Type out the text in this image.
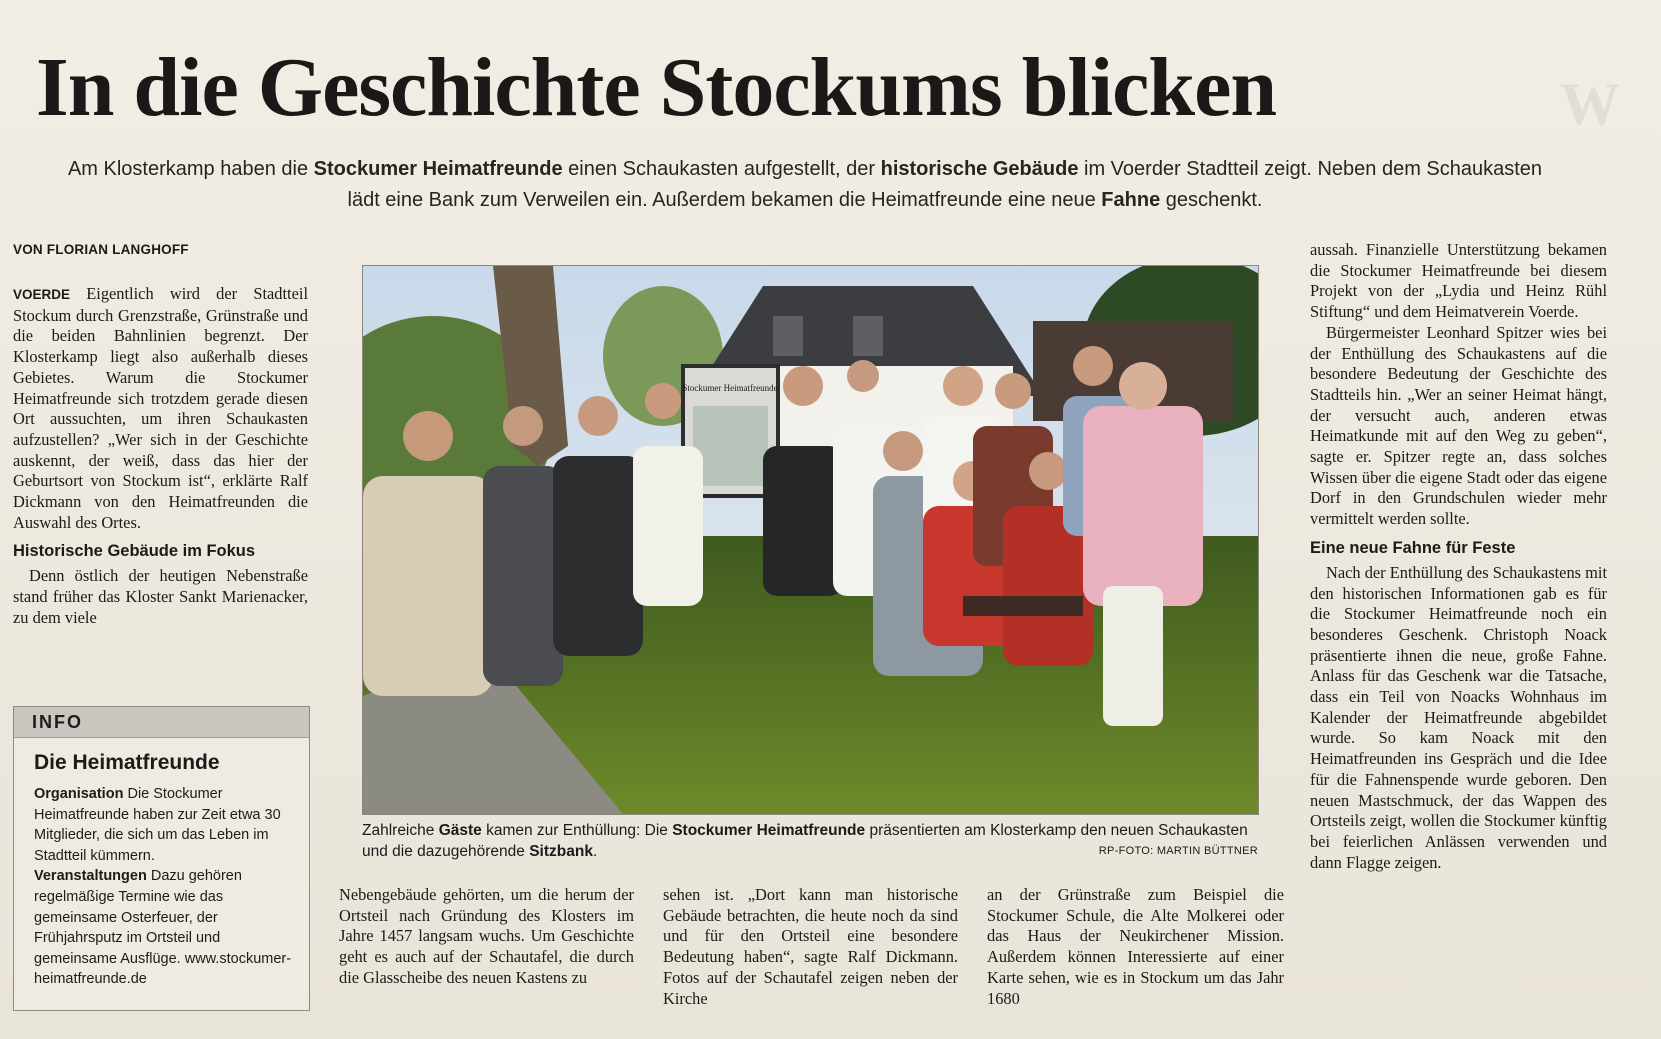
W
In die Geschichte Stockums blicken

Am Klosterkamp haben die Stockumer Heimatfreunde einen Schaukasten aufgestellt, der historische Gebäude im Voerder Stadtteil zeigt. Neben dem Schaukasten lädt eine Bank zum Verweilen ein. Außerdem bekamen die Heimatfreunde eine neue Fahne geschenkt.

VON FLORIAN LANGHOFF

VOERDE Eigentlich wird der Stadtteil Stockum durch Grenzstraße, Grünstraße und die beiden Bahnlinien begrenzt. Der Klosterkamp liegt also außerhalb dieses Gebietes. Warum die Stockumer Heimatfreunde sich trotzdem gerade diesen Ort aussuchten, um ihren Schaukasten aufzustellen? „Wer sich in der Geschichte auskennt, der weiß, dass das hier der Geburtsort von Stockum ist“, erklärte Ralf Dickmann von den Heimatfreunden die Auswahl des Ortes.

Historische Gebäude im Fokus

Denn östlich der heutigen Nebenstraße stand früher das Kloster Sankt Marienacker, zu dem viele

INFO
Die Heimatfreunde
Organisation Die Stockumer Heimatfreunde haben zur Zeit etwa 30 Mitglieder, die sich um das Leben im Stadtteil kümmern.
Veranstaltungen Dazu gehören regelmäßige Termine wie das gemeinsame Osterfeuer, der Frühjahrsputz im Ortsteil und gemeinsame Ausflüge. www.stockumer-heimatfreunde.de
Stockumer Heimatfreunde
Zahlreiche Gäste kamen zur Enthüllung: Die Stockumer Heimatfreunde präsentierten am Klosterkamp den neuen Schaukasten und die dazugehörende Sitzbank.	RP-FOTO: MARTIN BÜTTNER
Nebengebäude gehörten, um die herum der Ortsteil nach Gründung des Klosters im Jahre 1457 langsam wuchs. Um Geschichte geht es auch auf der Schautafel, die durch die Glasscheibe des neuen Kastens zu
sehen ist. „Dort kann man historische Gebäude betrachten, die heute noch da sind und für den Ortsteil eine besondere Bedeutung haben“, sagte Ralf Dickmann. Fotos auf der Schautafel zeigen neben der Kirche
an der Grünstraße zum Beispiel die Stockumer Schule, die Alte Molkerei oder das Haus der Neukirchener Mission. Außerdem können Interessierte auf einer Karte sehen, wie es in Stockum um das Jahr 1680

aussah. Finanzielle Unterstützung bekamen die Stockumer Heimatfreunde bei diesem Projekt von der „Lydia und Heinz Rühl Stiftung“ und dem Heimatverein Voerde.

Bürgermeister Leonhard Spitzer wies bei der Enthüllung des Schaukastens auf die besondere Bedeutung der Geschichte des Stadtteils hin. „Wer an seiner Heimat hängt, der versucht auch, anderen etwas Heimatkunde mit auf den Weg zu geben“, sagte er. Spitzer regte an, dass solches Wissen über die eigene Stadt oder das eigene Dorf in den Grundschulen wieder mehr vermittelt werden sollte.

Eine neue Fahne für Feste

Nach der Enthüllung des Schaukastens mit den historischen Informationen gab es für die Stockumer Heimatfreunde noch ein besonderes Geschenk. Christoph Noack präsentierte ihnen die neue, große Fahne. Anlass für das Geschenk war die Tatsache, dass ein Teil von Noacks Wohnhaus im Kalender der Heimatfreunde abgebildet wurde. So kam Noack mit den Heimatfreunden ins Gespräch und die Idee für die Fahnenspende wurde geboren. Den neuen Mastschmuck, der das Wappen des Ortsteils zeigt, wollen die Stockumer künftig bei feierlichen Anlässen verwenden und dann Flagge zeigen.
